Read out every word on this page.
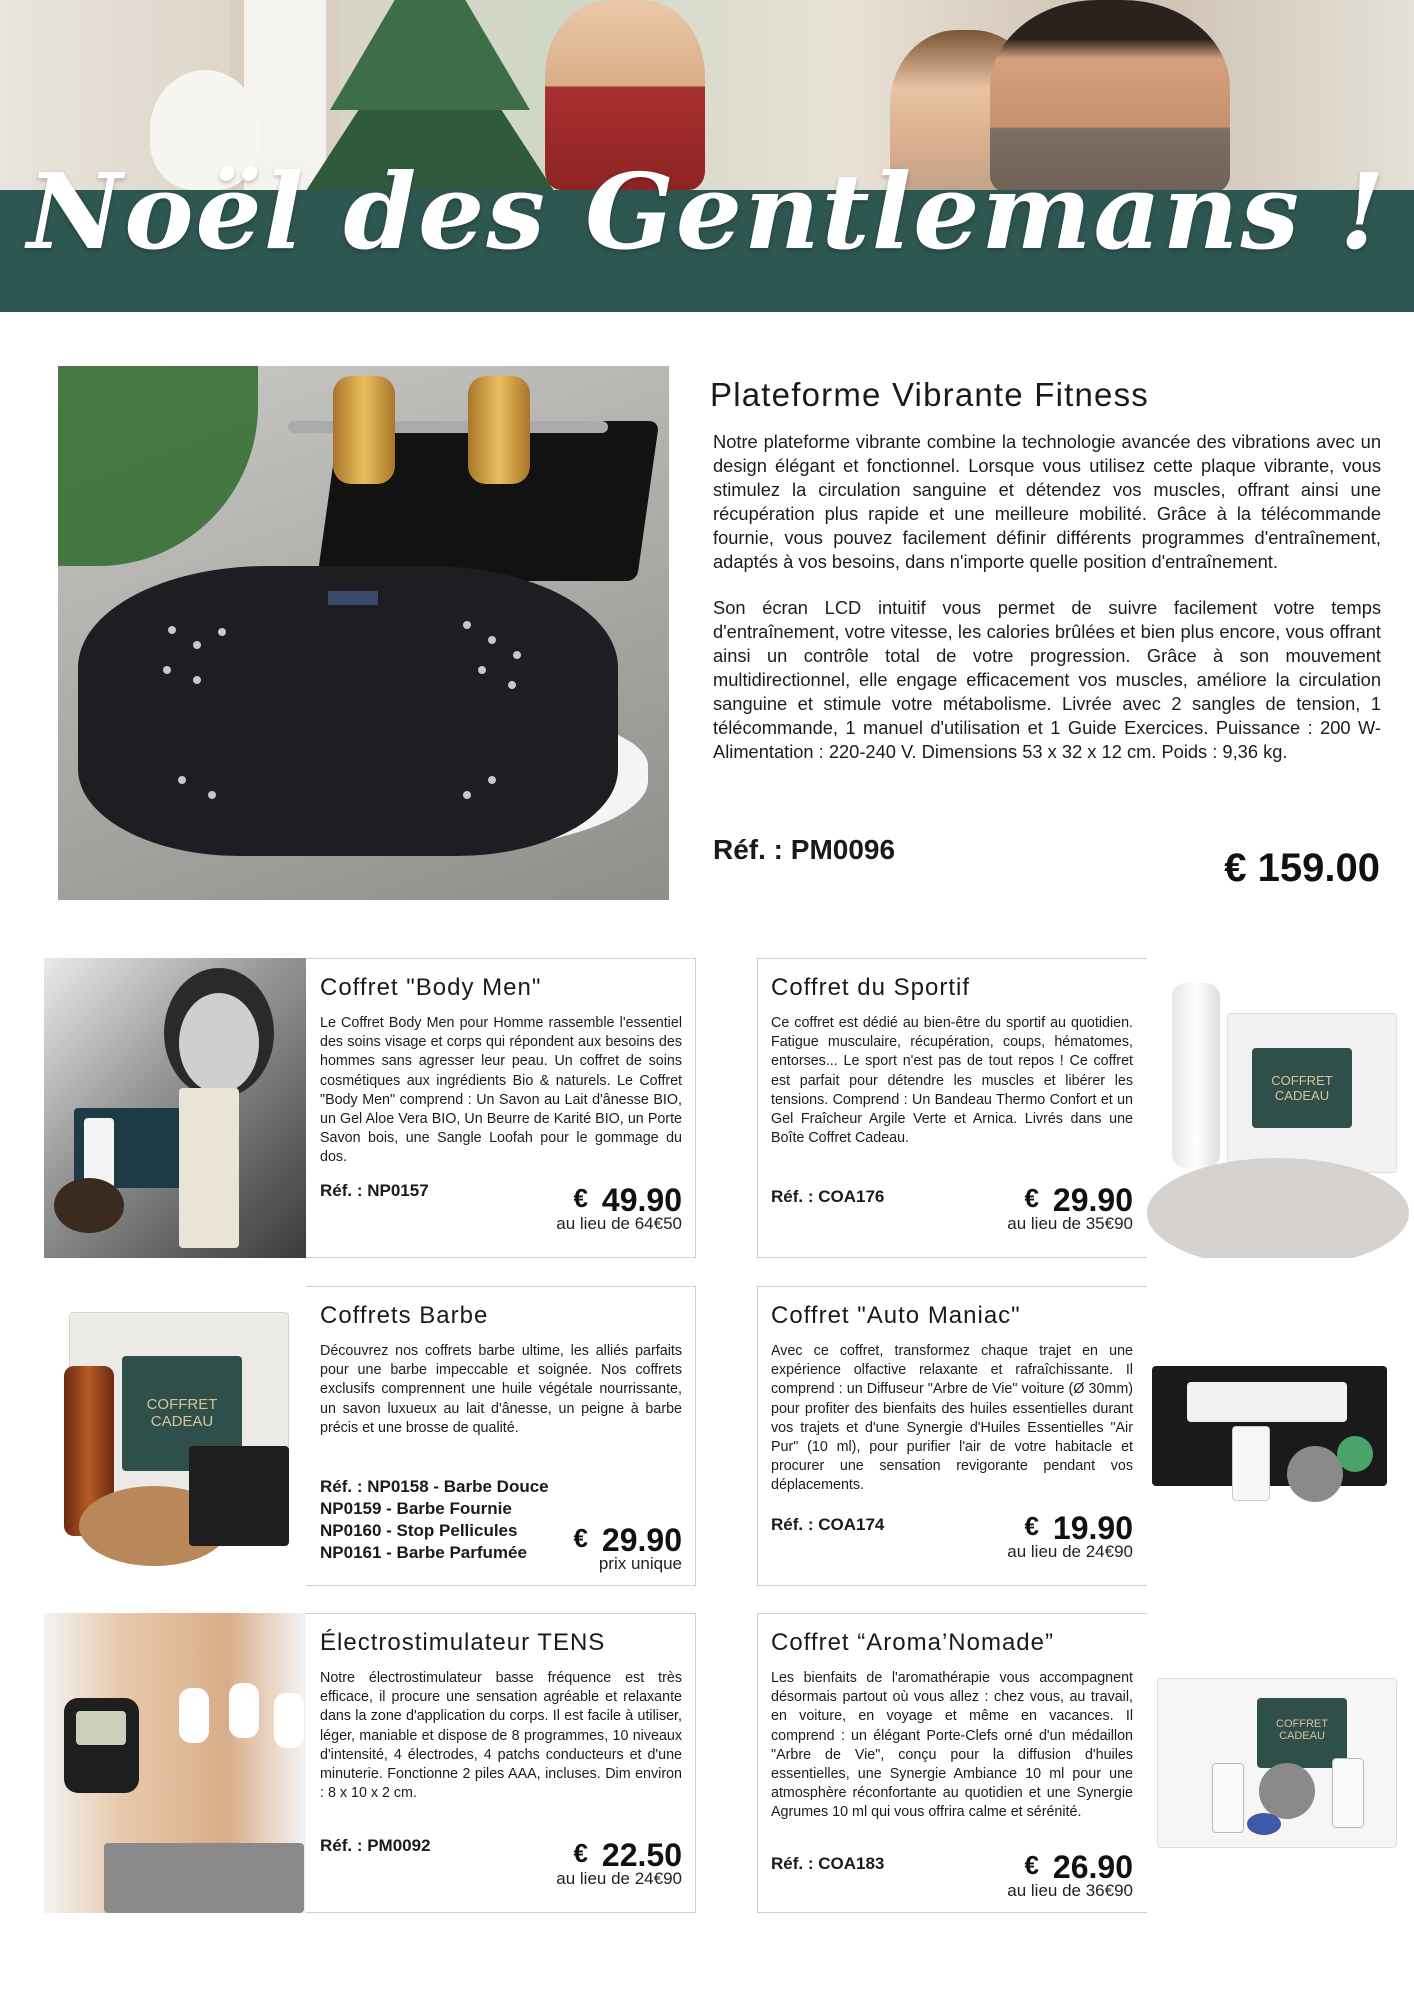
Noël des Gentlemans !
Plateforme Vibrante Fitness

Notre plateforme vibrante combine la technologie avancée des vibrations avec un design élégant et fonctionnel. Lorsque vous utilisez cette plaque vibrante, vous stimulez la circulation sanguine et détendez vos muscles, offrant ainsi une récupération plus rapide et une meilleure mobilité. Grâce à la télécommande fournie, vous pouvez facilement définir différents programmes d'entraînement, adaptés à vos besoins, dans n'importe quelle position d'entraînement.

Son écran LCD intuitif vous permet de suivre facilement votre temps d'entraînement, votre vitesse, les calories brûlées et bien plus encore, vous offrant ainsi un contrôle total de votre progression. Grâce à son mouvement multidirectionnel, elle engage efficacement vos muscles, améliore la circulation sanguine et stimule votre métabolisme. Livrée avec 2 sangles de tension, 1 télécommande, 1 manuel d'utilisation et 1 Guide Exercices. Puissance : 200 W- Alimentation : 220-240 V. Dimensions 53 x 32 x 12 cm. Poids : 9,36 kg.

Réf. : PM0096	€ 159.00
Coffret "Body Men"
Le Coffret Body Men pour Homme rassemble l'essentiel des soins visage et corps qui répondent aux besoins des hommes sans agresser leur peau. Un coffret de soins cosmétiques aux ingrédients Bio & naturels. Le Coffret "Body Men" comprend : Un Savon au Lait d'ânesse BIO, un Gel Aloe Vera BIO, Un Beurre de Karité BIO, un Porte Savon bois, une Sangle Loofah pour le gommage du dos.
Réf. : NP0157	€ 49.90
au lieu de 64€50
COFFRET CADEAU
Coffret du Sportif
Ce coffret est dédié au bien-être du sportif au quotidien. Fatigue musculaire, récupération, coups, hématomes, entorses... Le sport n'est pas de tout repos ! Ce coffret est parfait pour détendre les muscles et libérer les tensions. Comprend : Un Bandeau Thermo Confort et un Gel Fraîcheur Argile Verte et Arnica. Livrés dans une Boîte Coffret Cadeau.
Réf. : COA176	€ 29.90
au lieu de 35€90
COFFRET CADEAU
Coffrets Barbe
Découvrez nos coffrets barbe ultime, les alliés parfaits pour une barbe impeccable et soignée. Nos coffrets exclusifs comprennent une huile végétale nourrissante, un savon luxueux au lait d'ânesse, un peigne à barbe précis et une brosse de qualité.
Réf. : NP0158 - Barbe Douce
NP0159 - Barbe Fournie
NP0160 - Stop Pellicules
NP0161 - Barbe Parfumée	€ 29.90
prix unique
Coffret "Auto Maniac"
Avec ce coffret, transformez chaque trajet en une expérience olfactive relaxante et rafraîchissante. Il comprend : un Diffuseur "Arbre de Vie" voiture (Ø 30mm) pour profiter des bienfaits des huiles essentielles durant vos trajets et d'une Synergie d'Huiles Essentielles "Air Pur" (10 ml), pour purifier l'air de votre habitacle et procurer une sensation revigorante pendant vos déplacements.
Réf. : COA174	€ 19.90
au lieu de 24€90
Électrostimulateur TENS
Notre électrostimulateur basse fréquence est très efficace, il procure une sensation agréable et relaxante dans la zone d'application du corps. Il est facile à utiliser, léger, maniable et dispose de 8 programmes, 10 niveaux d'intensité, 4 électrodes, 4 patchs conducteurs et d'une minuterie. Fonctionne 2 piles AAA, incluses. Dim environ : 8 x 10 x 2 cm.
Réf. : PM0092	€ 22.50
au lieu de 24€90
COFFRET CADEAU
Coffret “Aroma’Nomade”
Les bienfaits de l'aromathérapie vous accompagnent désormais partout où vous allez : chez vous, au travail, en voiture, en voyage et même en vacances. Il comprend : un élégant Porte-Clefs orné d'un médaillon "Arbre de Vie", conçu pour la diffusion d'huiles essentielles, une Synergie Ambiance 10 ml pour une atmosphère réconfortante au quotidien et une Synergie Agrumes 10 ml qui vous offrira calme et sérénité.
Réf. : COA183	€ 26.90
au lieu de 36€90
